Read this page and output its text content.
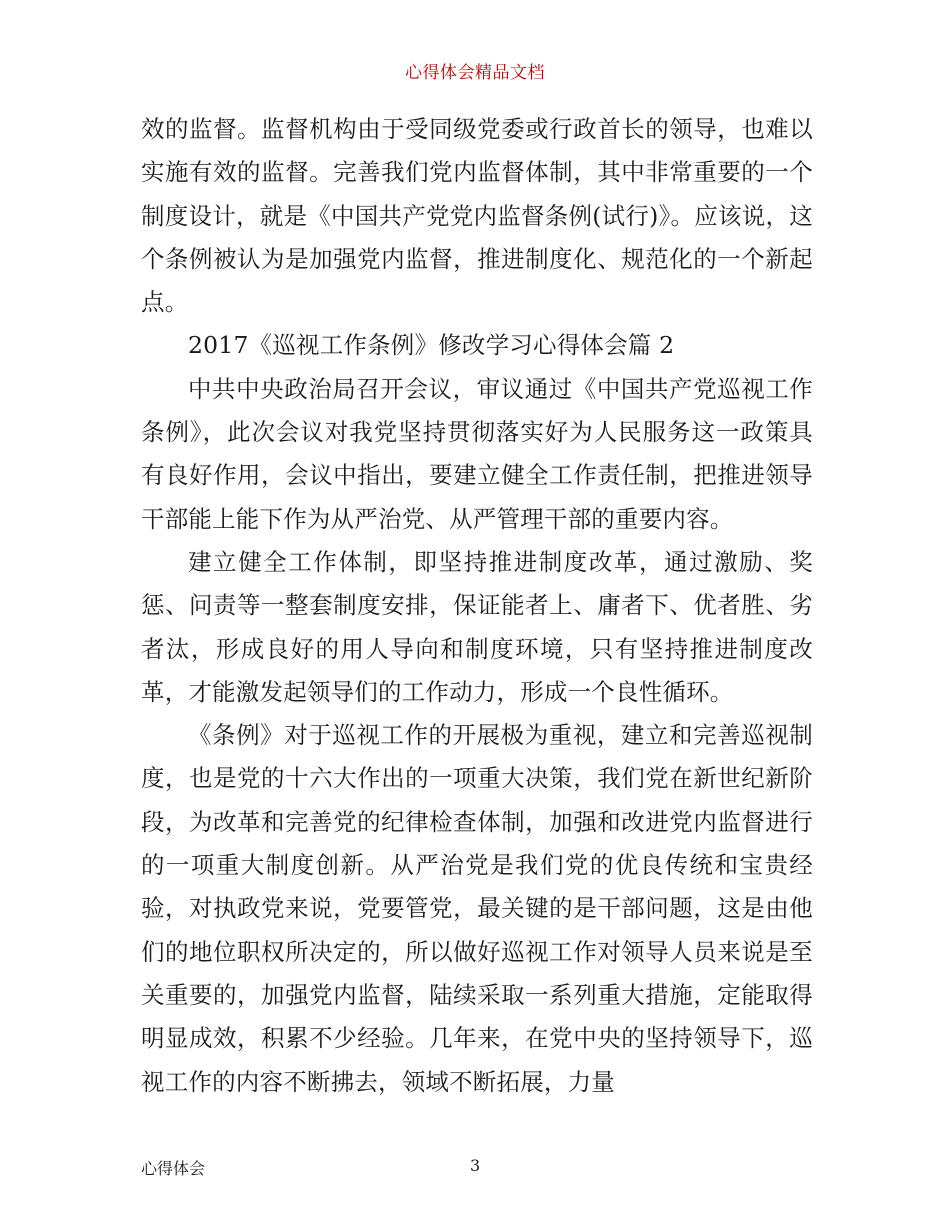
心得体会精品文档

效的监督。监督机构由于受同级党委或行政首长的领导，也难以实施有效的监督。完善我们党内监督体制，其中非常重要的一个制度设计，就是《中国共产党党内监督条例(试行)》。应该说，这个条例被认为是加强党内监督，推进制度化、规范化的一个新起点。

2017《巡视工作条例》修改学习心得体会篇 2

中共中央政治局召开会议，审议通过《中国共产党巡视工作条例》，此次会议对我党坚持贯彻落实好为人民服务这一政策具有良好作用，会议中指出，要建立健全工作责任制，把推进领导干部能上能下作为从严治党、从严管理干部的重要内容。

建立健全工作体制，即坚持推进制度改革，通过激励、奖惩、问责等一整套制度安排，保证能者上、庸者下、优者胜、劣者汰，形成良好的用人导向和制度环境，只有坚持推进制度改革，才能激发起领导们的工作动力，形成一个良性循环。

《条例》对于巡视工作的开展极为重视，建立和完善巡视制度，也是党的十六大作出的一项重大决策，我们党在新世纪新阶段，为改革和完善党的纪律检查体制，加强和改进党内监督进行的一项重大制度创新。从严治党是我们党的优良传统和宝贵经验，对执政党来说，党要管党，最关键的是干部问题，这是由他们的地位职权所决定的，所以做好巡视工作对领导人员来说是至关重要的，加强党内监督，陆续采取一系列重大措施，定能取得明显成效，积累不少经验。几年来，在党中央的坚持领导下，巡视工作的内容不断拂去，领域不断拓展，力量

心得体会	3
